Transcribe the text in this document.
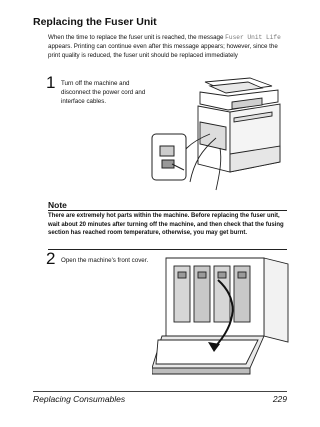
Replacing the Fuser Unit
When the time to replace the fuser unit is reached, the message Fuser Unit Life appears. Printing can continue even after this message appears; however, since the print quality is reduced, the fuser unit should be replaced immediately
1 Turn off the machine and disconnect the power cord and interface cables.
Note
There are extremely hot parts within the machine. Before replacing the fuser unit, wait about 20 minutes after turning off the machine, and then check that the fusing section has reached room temperature, otherwise, you may get burnt.
2 Open the machine's front cover.
Replacing Consumables	229
